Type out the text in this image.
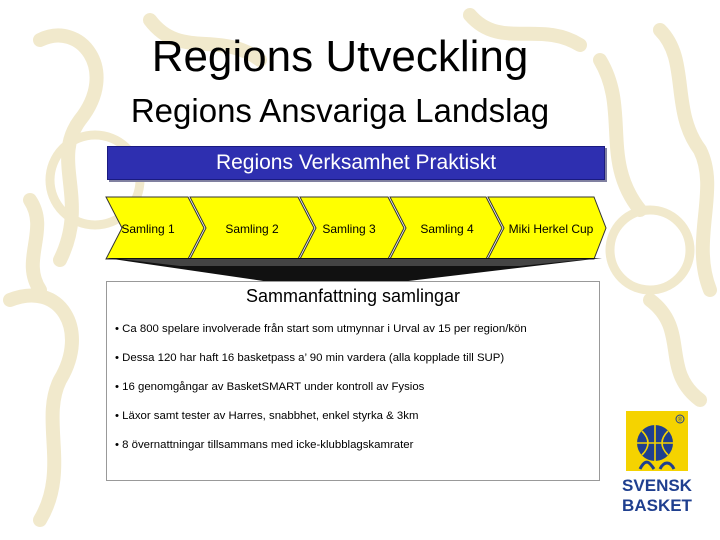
Regions Utveckling
Regions Ansvariga Landslag
Regions Verksamhet Praktiskt
Samling 1	Samling 2	Samling 3	Samling 4	Miki Herkel Cup
Sammanfattning samlingar
• Ca 800 spelare involverade från start som utmynnar i Urval av 15 per region/kön
• Dessa 120 har haft 16 basketpass a’ 90 min vardera (alla kopplade till SUP)
• 16 genomgångar av BasketSMART under kontroll av Fysios
• Läxor samt tester av Harres, snabbhet, enkel styrka & 3km
• 8 övernattningar tillsammans med icke-klubblagskamrater
®
SVENSK
BASKET
